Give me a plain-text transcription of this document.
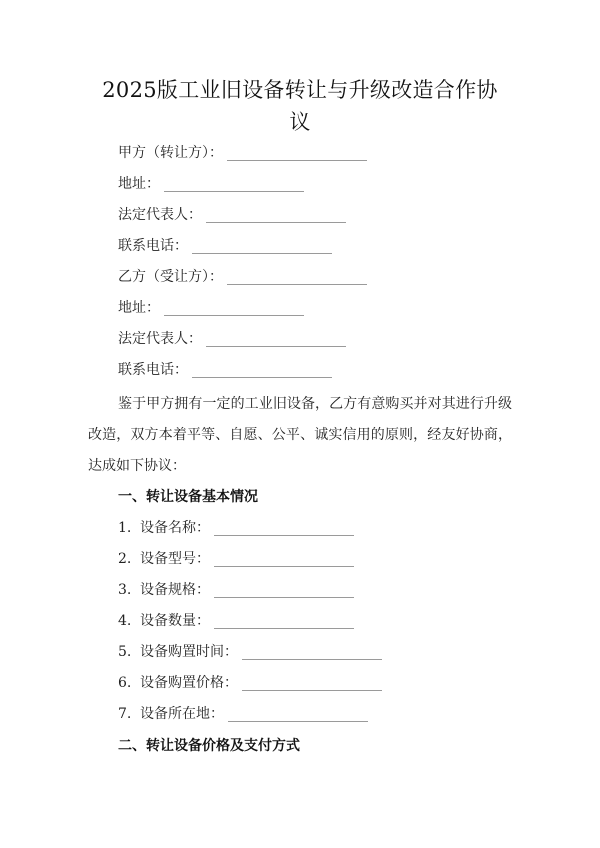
2025版工业旧设备转让与升级改造合作协
议
甲方（转让方）：
地址：
法定代表人：
联系电话：
乙方（受让方）：
地址：
法定代表人：
联系电话：
鉴于甲方拥有一定的工业旧设备，乙方有意购买并对其进行升级改造，双方本着平等、自愿、公平、诚实信用的原则，经友好协商，达成如下协议：
一、转让设备基本情况
1. 设备名称：
2. 设备型号：
3. 设备规格：
4. 设备数量：
5. 设备购置时间：
6. 设备购置价格：
7. 设备所在地：
二、转让设备价格及支付方式
